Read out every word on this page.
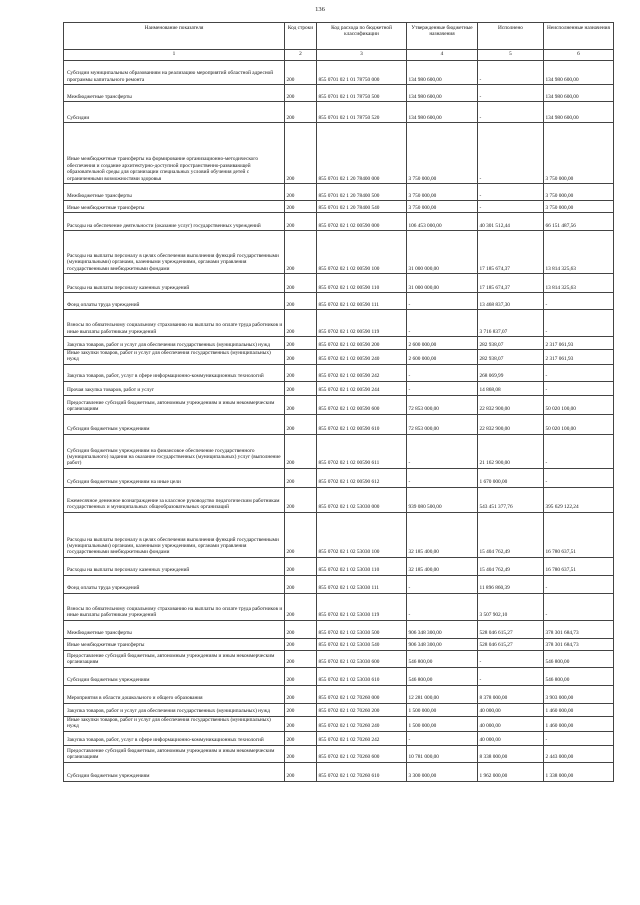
136
Наименование показателя	Код строки	Код расхода по бюджетной классификации	Утвержденные бюджетные назначения	Исполнено	Неисполненные назначения
1	2	3	4	5	6
Субсидии муниципальным образованиям на реализацию мероприятий областной адресной программы капитального ремонта	200	855 0701 02 1 01 78750 000	134 980 600,00	-	134 980 600,00
Межбюджетные трансферты	200	855 0701 02 1 01 78750 500	134 980 600,00	-	134 980 600,00
Субсидии	200	855 0701 02 1 01 78750 520	134 980 600,00	-	134 980 600,00
Иные межбюджетные трансферты на формирование организационно-методического обеспечения и создание архитектурно-доступной пространственно-развивающей образовательной среды для организации специальных условий обучения детей с ограниченными возможностями здоровья	200	855 0701 02 1 20 78400 000	3 750 000,00	-	3 750 000,00
Межбюджетные трансферты	200	855 0701 02 1 20 78400 500	3 750 000,00	-	3 750 000,00
Иные межбюджетные трансферты	200	855 0701 02 1 20 78400 540	3 750 000,00	-	3 750 000,00
Расходы на обеспечение деятельности (оказание услуг) государственных учреждений	200	855 0702 02 1 02 00590 000	106 453 000,00	40 301 512,44	66 151 487,56
Расходы на выплаты персоналу в целях обеспечения выполнения функций государственными (муниципальными) органами, казенными учреждениями, органами управления государственными внебюджетными фондами	200	855 0702 02 1 02 00590 100	31 000 000,00	17 185 674,37	13 814 325,63
Расходы на выплаты персоналу казенных учреждений	200	855 0702 02 1 02 00590 110	31 000 000,00	17 185 674,37	13 814 325,63
Фонд оплаты труда учреждений	200	855 0702 02 1 02 00590 111	-	13 468 837,30	-
Взносы по обязательному социальному страхованию на выплаты по оплате труда работников и иные выплаты работникам учреждений	200	855 0702 02 1 02 00590 119	-	3 716 837,07	-
Закупка товаров, работ и услуг для обеспечения государственных (муниципальных) нужд	200	855 0702 02 1 02 00590 200	2 600 000,00	282 938,07	2 317 061,93
Иные закупки товаров, работ и услуг для обеспечения государственных (муниципальных) нужд	200	855 0702 02 1 02 00590 240	2 600 000,00	282 938,07	2 317 061,93
Закупка товаров, работ, услуг в сфере информационно-коммуникационных технологий	200	855 0702 02 1 02 00590 242	-	268 069,99	-
Прочая закупка товаров, работ и услуг	200	855 0702 02 1 02 00590 244	-	14 868,08	-
Предоставление субсидий бюджетным, автономным учреждениям и иным некоммерческим организациям	200	855 0702 02 1 02 00590 600	72 853 000,00	22 832 900,00	50 020 100,00
Субсидии бюджетным учреждениям	200	855 0702 02 1 02 00590 610	72 853 000,00	22 832 900,00	50 020 100,00
Субсидии бюджетным учреждениям на финансовое обеспечение государственного (муниципального) задания на оказание государственных (муниципальных) услуг (выполнение работ)	200	855 0702 02 1 02 00590 611	-	21 162 900,00	-
Субсидии бюджетным учреждениям на иные цели	200	855 0702 02 1 02 00590 612	-	1 670 000,00	-
Ежемесячное денежное вознаграждение за классное руководство педагогическим работникам государственных и муниципальных общеобразовательных организаций	200	855 0702 02 1 02 53030 000	939 080 500,00	543 451 377,76	395 629 122,24
Расходы на выплаты персоналу в целях обеспечения выполнения функций государственными (муниципальными) органами, казенными учреждениями, органами управления государственными внебюджетными фондами	200	855 0702 02 1 02 53030 100	32 185 400,00	15 404 762,49	16 780 637,51
Расходы на выплаты персоналу казенных учреждений	200	855 0702 02 1 02 53030 110	32 185 400,00	15 404 762,49	16 780 637,51
Фонд оплаты труда учреждений	200	855 0702 02 1 02 53030 111	-	11 896 860,39	-
Взносы по обязательному социальному страхованию на выплаты по оплате труда работников и иные выплаты работникам учреждений	200	855 0702 02 1 02 53030 119	-	3 507 902,10	-
Межбюджетные трансферты	200	855 0702 02 1 02 53030 500	906 348 300,00	528 046 615,27	378 301 684,73
Иные межбюджетные трансферты	200	855 0702 02 1 02 53030 540	906 348 300,00	528 046 615,27	378 301 684,73
Предоставление субсидий бюджетным, автономным учреждениям и иным некоммерческим организациям	200	855 0702 02 1 02 53030 600	546 800,00	-	546 800,00
Субсидии бюджетным учреждениям	200	855 0702 02 1 02 53030 610	546 800,00	-	546 800,00
Мероприятия в области дошкольного и общего образования	200	855 0702 02 1 02 70260 000	12 281 000,00	8 378 000,00	3 903 000,00
Закупка товаров, работ и услуг для обеспечения государственных (муниципальных) нужд	200	855 0702 02 1 02 70260 200	1 500 000,00	40 000,00	1 460 000,00
Иные закупки товаров, работ и услуг для обеспечения государственных (муниципальных) нужд	200	855 0702 02 1 02 70260 240	1 500 000,00	40 000,00	1 460 000,00
Закупка товаров, работ, услуг в сфере информационно-коммуникационных технологий	200	855 0702 02 1 02 70260 242	-	40 000,00	-
Предоставление субсидий бюджетным, автономным учреждениям и иным некоммерческим организациям	200	855 0702 02 1 02 70260 600	10 781 000,00	8 338 000,00	2 443 000,00
Субсидии бюджетным учреждениям	200	855 0702 02 1 02 70260 610	3 300 000,00	1 962 000,00	1 338 000,00
